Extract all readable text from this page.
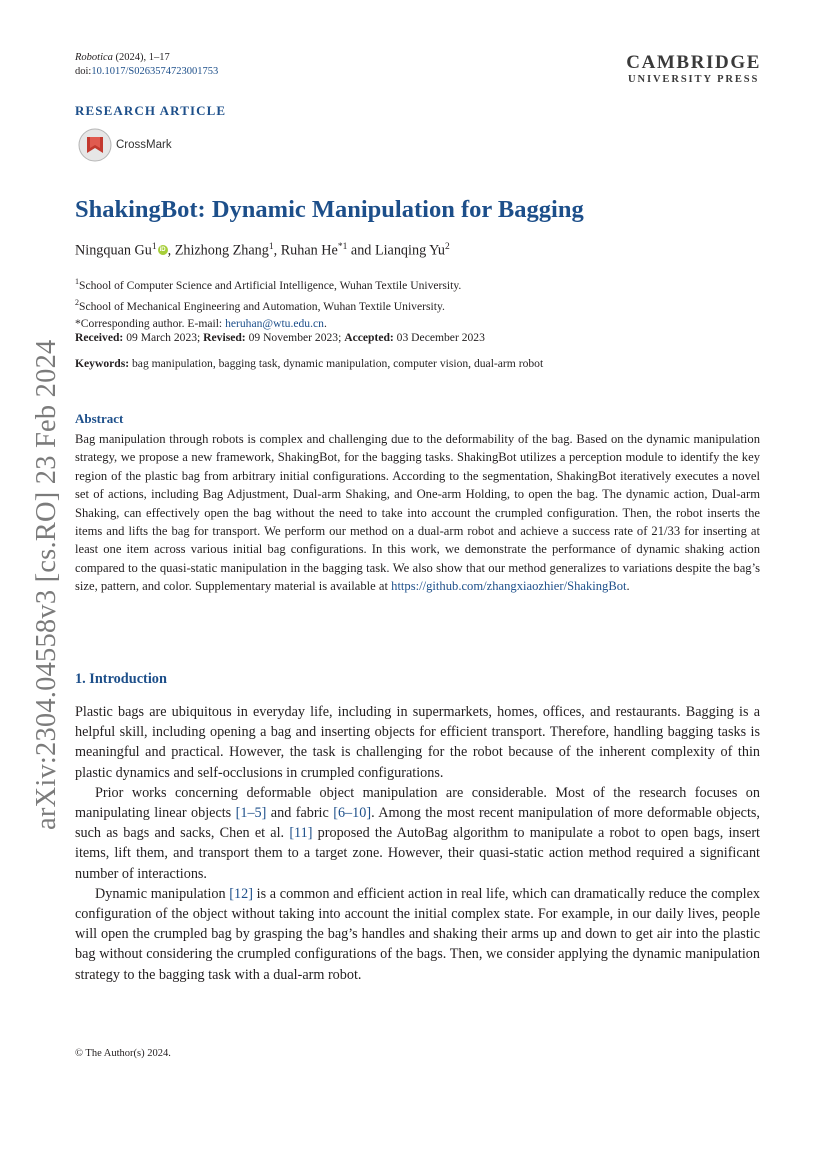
arXiv:2304.04558v3 [cs.RO] 23 Feb 2024
Robotica (2024), 1–17
doi:10.1017/S0263574723001753	CAMBRIDGE
UNIVERSITY PRESS
RESEARCH ARTICLE
CrossMark
ShakingBot: Dynamic Manipulation for Bagging
Ningquan Gu$^1$ iD , Zhizhong Zhang$^1$, Ruhan He$^{*1}$ and Lianqing Yu$^2$
$^1$School of Computer Science and Artificial Intelligence, Wuhan Textile University.
$^2$School of Mechanical Engineering and Automation, Wuhan Textile University.
*Corresponding author. E-mail: heruhan@wtu.edu.cn.
Received: 09 March 2023; Revised: 09 November 2023; Accepted: 03 December 2023
Keywords: bag manipulation, bagging task, dynamic manipulation, computer vision, dual-arm robot
Abstract
Bag manipulation through robots is complex and challenging due to the deformability of the bag. Based on the dynamic manipulation strategy, we propose a new framework, ShakingBot, for the bagging tasks. ShakingBot utilizes a perception module to identify the key region of the plastic bag from arbitrary initial configurations. According to the segmentation, ShakingBot iteratively executes a novel set of actions, including Bag Adjustment, Dual-arm Shaking, and One-arm Holding, to open the bag. The dynamic action, Dual-arm Shaking, can effectively open the bag without the need to take into account the crumpled configuration. Then, the robot inserts the items and lifts the bag for transport. We perform our method on a dual-arm robot and achieve a success rate of 21/33 for inserting at least one item across various initial bag configurations. In this work, we demonstrate the performance of dynamic shaking action compared to the quasi-static manipulation in the bagging task. We also show that our method generalizes to variations despite the bag’s size, pattern, and color. Supplementary material is available at https://github.com/zhangxiaozhier/ShakingBot.
1. Introduction

Plastic bags are ubiquitous in everyday life, including in supermarkets, homes, offices, and restaurants. Bagging is a helpful skill, including opening a bag and inserting objects for efficient transport. Therefore, handling bagging tasks is meaningful and practical. However, the task is challenging for the robot because of the inherent complexity of thin plastic dynamics and self-occlusions in crumpled configurations.

Prior works concerning deformable object manipulation are considerable. Most of the research focuses on manipulating linear objects [1–5] and fabric [6–10]. Among the most recent manipulation of more deformable objects, such as bags and sacks, Chen et al. [11] proposed the AutoBag algorithm to manipulate a robot to open bags, insert items, lift them, and transport them to a target zone. However, their quasi-static action method required a significant number of interactions.

Dynamic manipulation [12] is a common and efficient action in real life, which can dramatically reduce the complex configuration of the object without taking into account the initial complex state. For example, in our daily lives, people will open the crumpled bag by grasping the bag’s handles and shaking their arms up and down to get air into the plastic bag without considering the crumpled configurations of the bags. Then, we consider applying the dynamic manipulation strategy to the bagging task with a dual-arm robot.

© The Author(s) 2024.
